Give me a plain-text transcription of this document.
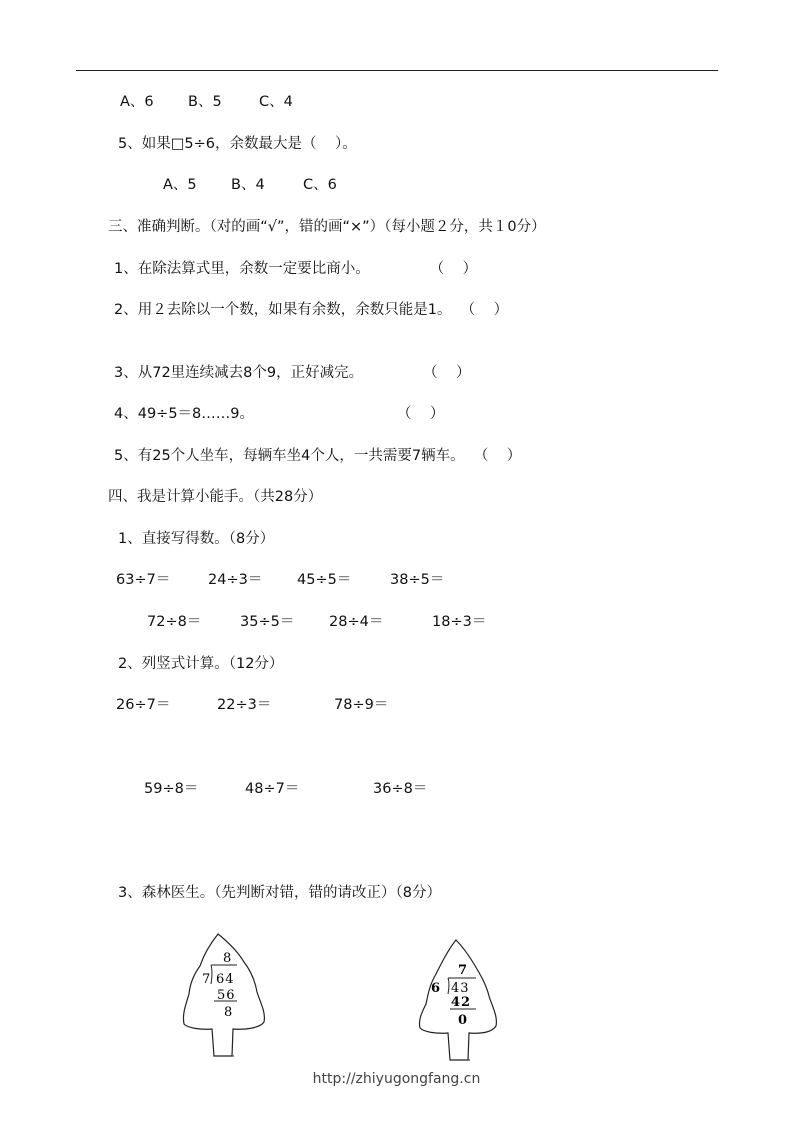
A、6 B、5	C、4
5、如果□5÷6，余数最大是（    ）。
A、5 B、4	C、6
三、准确判断。（对的画“√”，错的画“×”）（每小题２分，共１0分）
1、在除法算式里，余数一定要比商小。             （    ）
2、用２去除以一个数，如果有余数，余数只能是1。  （    ）
3、从72里连续减去8个9，正好减完。             （    ）
4、49÷5＝8……9。                               （    ）
5、有25个人坐车，每辆车坐4个人，一共需要7辆车。  （    ）
四、我是计算小能手。（共28分）
1、直接写得数。（8分）
63÷7＝	24÷3＝ 45÷5＝	38÷5＝
72÷8＝	35÷5＝ 28÷4＝	18÷3＝
2、列竖式计算。（12分）
26÷7＝	22÷3＝	78÷9＝
59÷8＝	48÷7＝	36÷8＝
3、森林医生。（先判断对错，错的请改正）（8分）
7
8
64
56
8
6
7
43
42
0
http://zhiyugongfang.cn
